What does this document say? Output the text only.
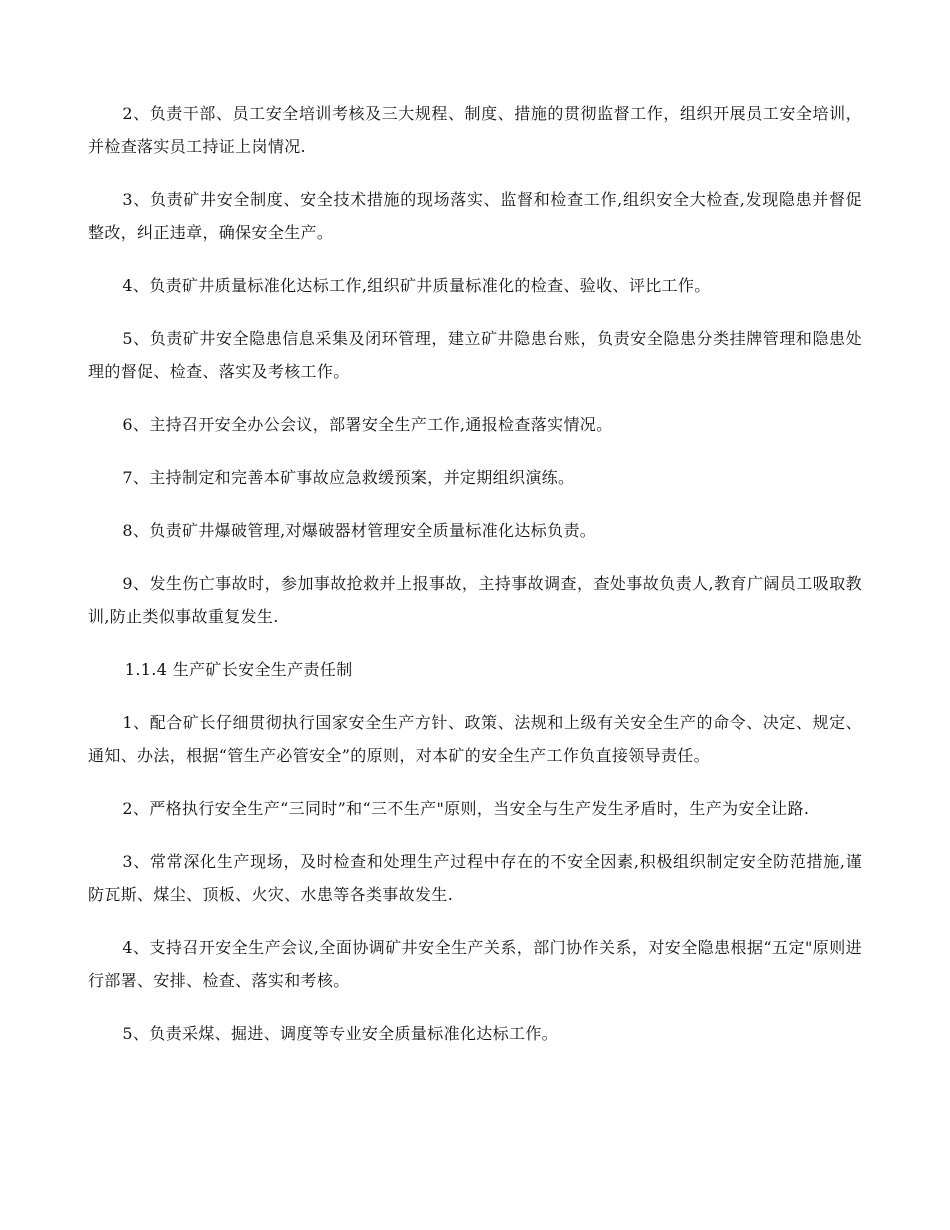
2、负责干部、员工安全培训考核及三大规程、制度、措施的贯彻监督工作，组织开展员工安全培训，并检查落实员工持证上岗情况.

3、负责矿井安全制度、安全技术措施的现场落实、监督和检查工作,组织安全大检查,发现隐患并督促整改，纠正违章，确保安全生产。

4、负责矿井质量标准化达标工作,组织矿井质量标准化的检查、验收、评比工作。

5、负责矿井安全隐患信息采集及闭环管理，建立矿井隐患台账，负责安全隐患分类挂牌管理和隐患处理的督促、检查、落实及考核工作。

6、主持召开安全办公会议，部署安全生产工作,通报检查落实情况。

7、主持制定和完善本矿事故应急救缓预案，并定期组织演练。

8、负责矿井爆破管理,对爆破器材管理安全质量标准化达标负责。

9、发生伤亡事故时，参加事故抢救并上报事故，主持事故调查，查处事故负责人,教育广阔员工吸取教训,防止类似事故重复发生.

1.1.4 生产矿长安全生产责任制

1、配合矿长仔细贯彻执行国家安全生产方针、政策、法规和上级有关安全生产的命令、决定、规定、通知、办法，根据“管生产必管安全”的原则，对本矿的安全生产工作负直接领导责任。

2、严格执行安全生产“三同时”和“三不生产"原则，当安全与生产发生矛盾时，生产为安全让路.

3、常常深化生产现场，及时检查和处理生产过程中存在的不安全因素,积极组织制定安全防范措施,谨防瓦斯、煤尘、顶板、火灾、水患等各类事故发生.

4、支持召开安全生产会议,全面协调矿井安全生产关系，部门协作关系，对安全隐患根据“五定"原则进行部署、安排、检查、落实和考核。

5、负责采煤、掘进、调度等专业安全质量标准化达标工作。
